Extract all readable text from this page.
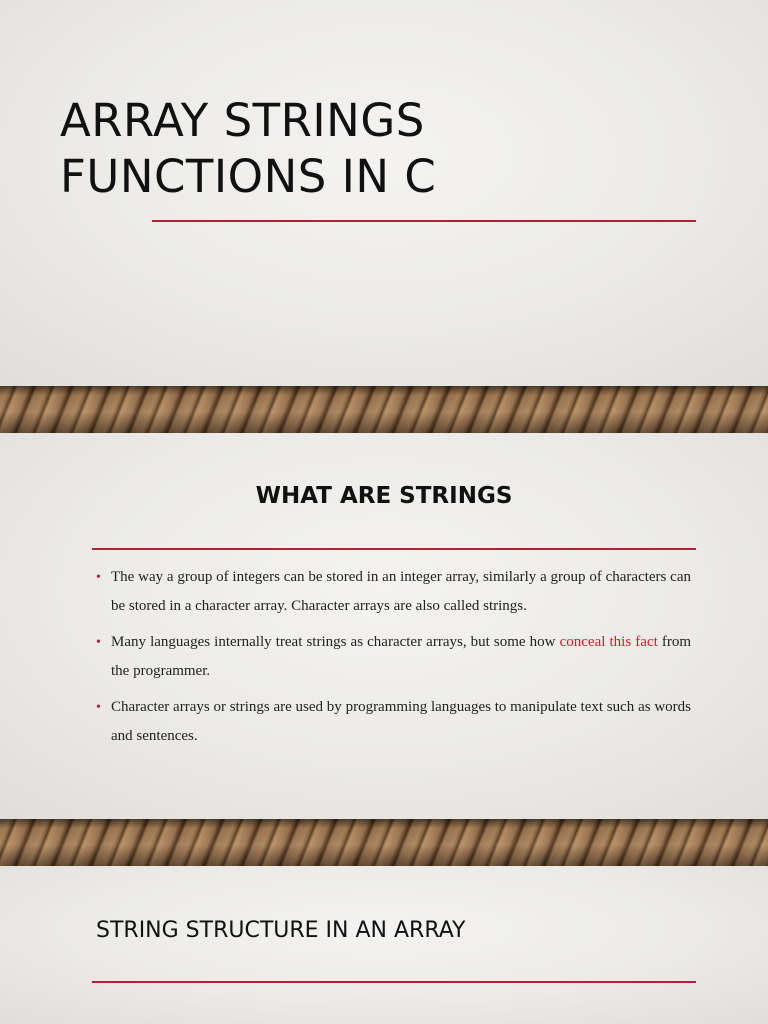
ARRAY STRINGS
FUNCTIONS IN C
WHAT ARE STRINGS
• The way a group of integers can be stored in an integer array, similarly a group of characters can be stored in a character array. Character arrays are also called strings.
• Many languages internally treat strings as character arrays, but some how conceal this fact from the programmer.
• Character arrays or strings are used by programming languages to manipulate text such as words and sentences.
STRING STRUCTURE IN AN ARRAY
